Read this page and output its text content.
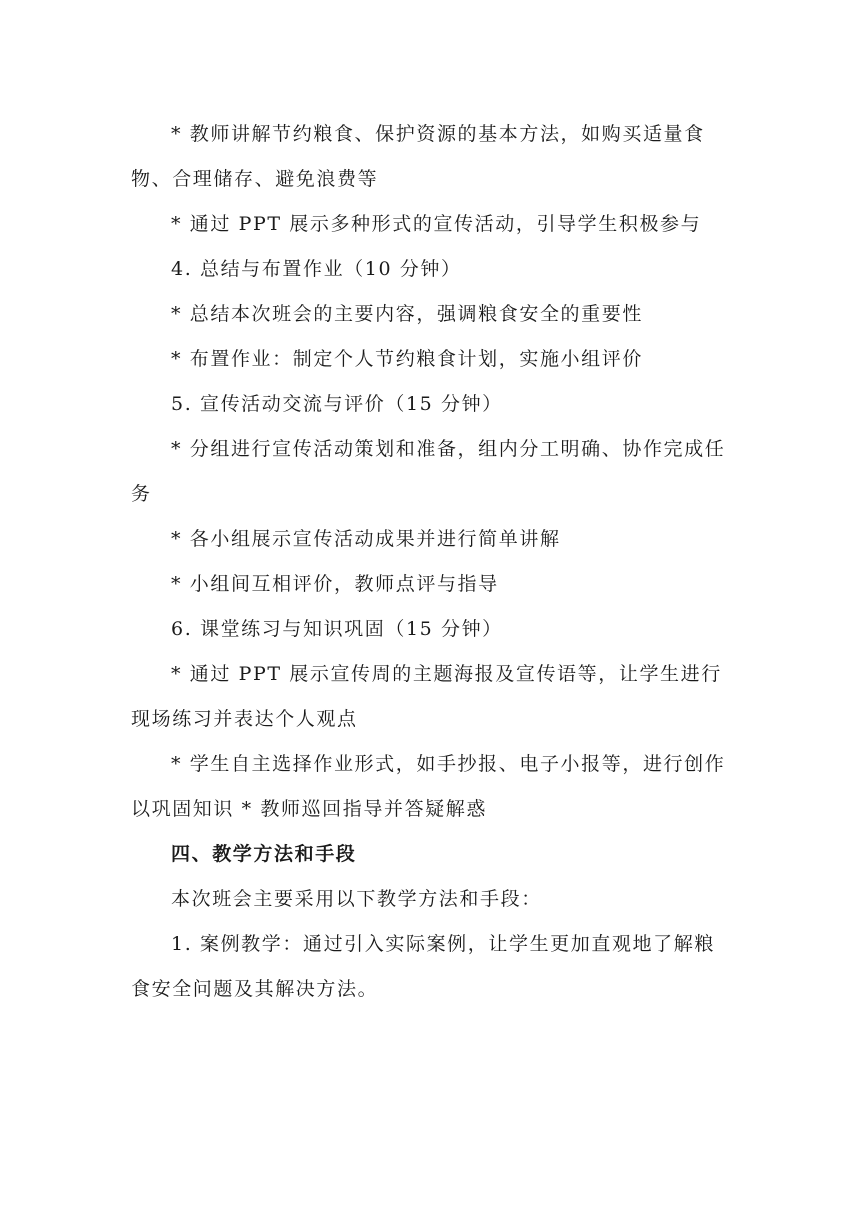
* 教师讲解节约粮食、保护资源的基本方法，如购买适量食物、合理储存、避免浪费等

* 通过 PPT 展示多种形式的宣传活动，引导学生积极参与

4. 总结与布置作业（10 分钟）

* 总结本次班会的主要内容，强调粮食安全的重要性

* 布置作业：制定个人节约粮食计划，实施小组评价

5. 宣传活动交流与评价（15 分钟）

* 分组进行宣传活动策划和准备，组内分工明确、协作完成任务

* 各小组展示宣传活动成果并进行简单讲解

* 小组间互相评价，教师点评与指导

6. 课堂练习与知识巩固（15 分钟）

* 通过 PPT 展示宣传周的主题海报及宣传语等，让学生进行现场练习并表达个人观点

* 学生自主选择作业形式，如手抄报、电子小报等，进行创作以巩固知识 * 教师巡回指导并答疑解惑

四、教学方法和手段

本次班会主要采用以下教学方法和手段：

1. 案例教学：通过引入实际案例，让学生更加直观地了解粮食安全问题及其解决方法。
